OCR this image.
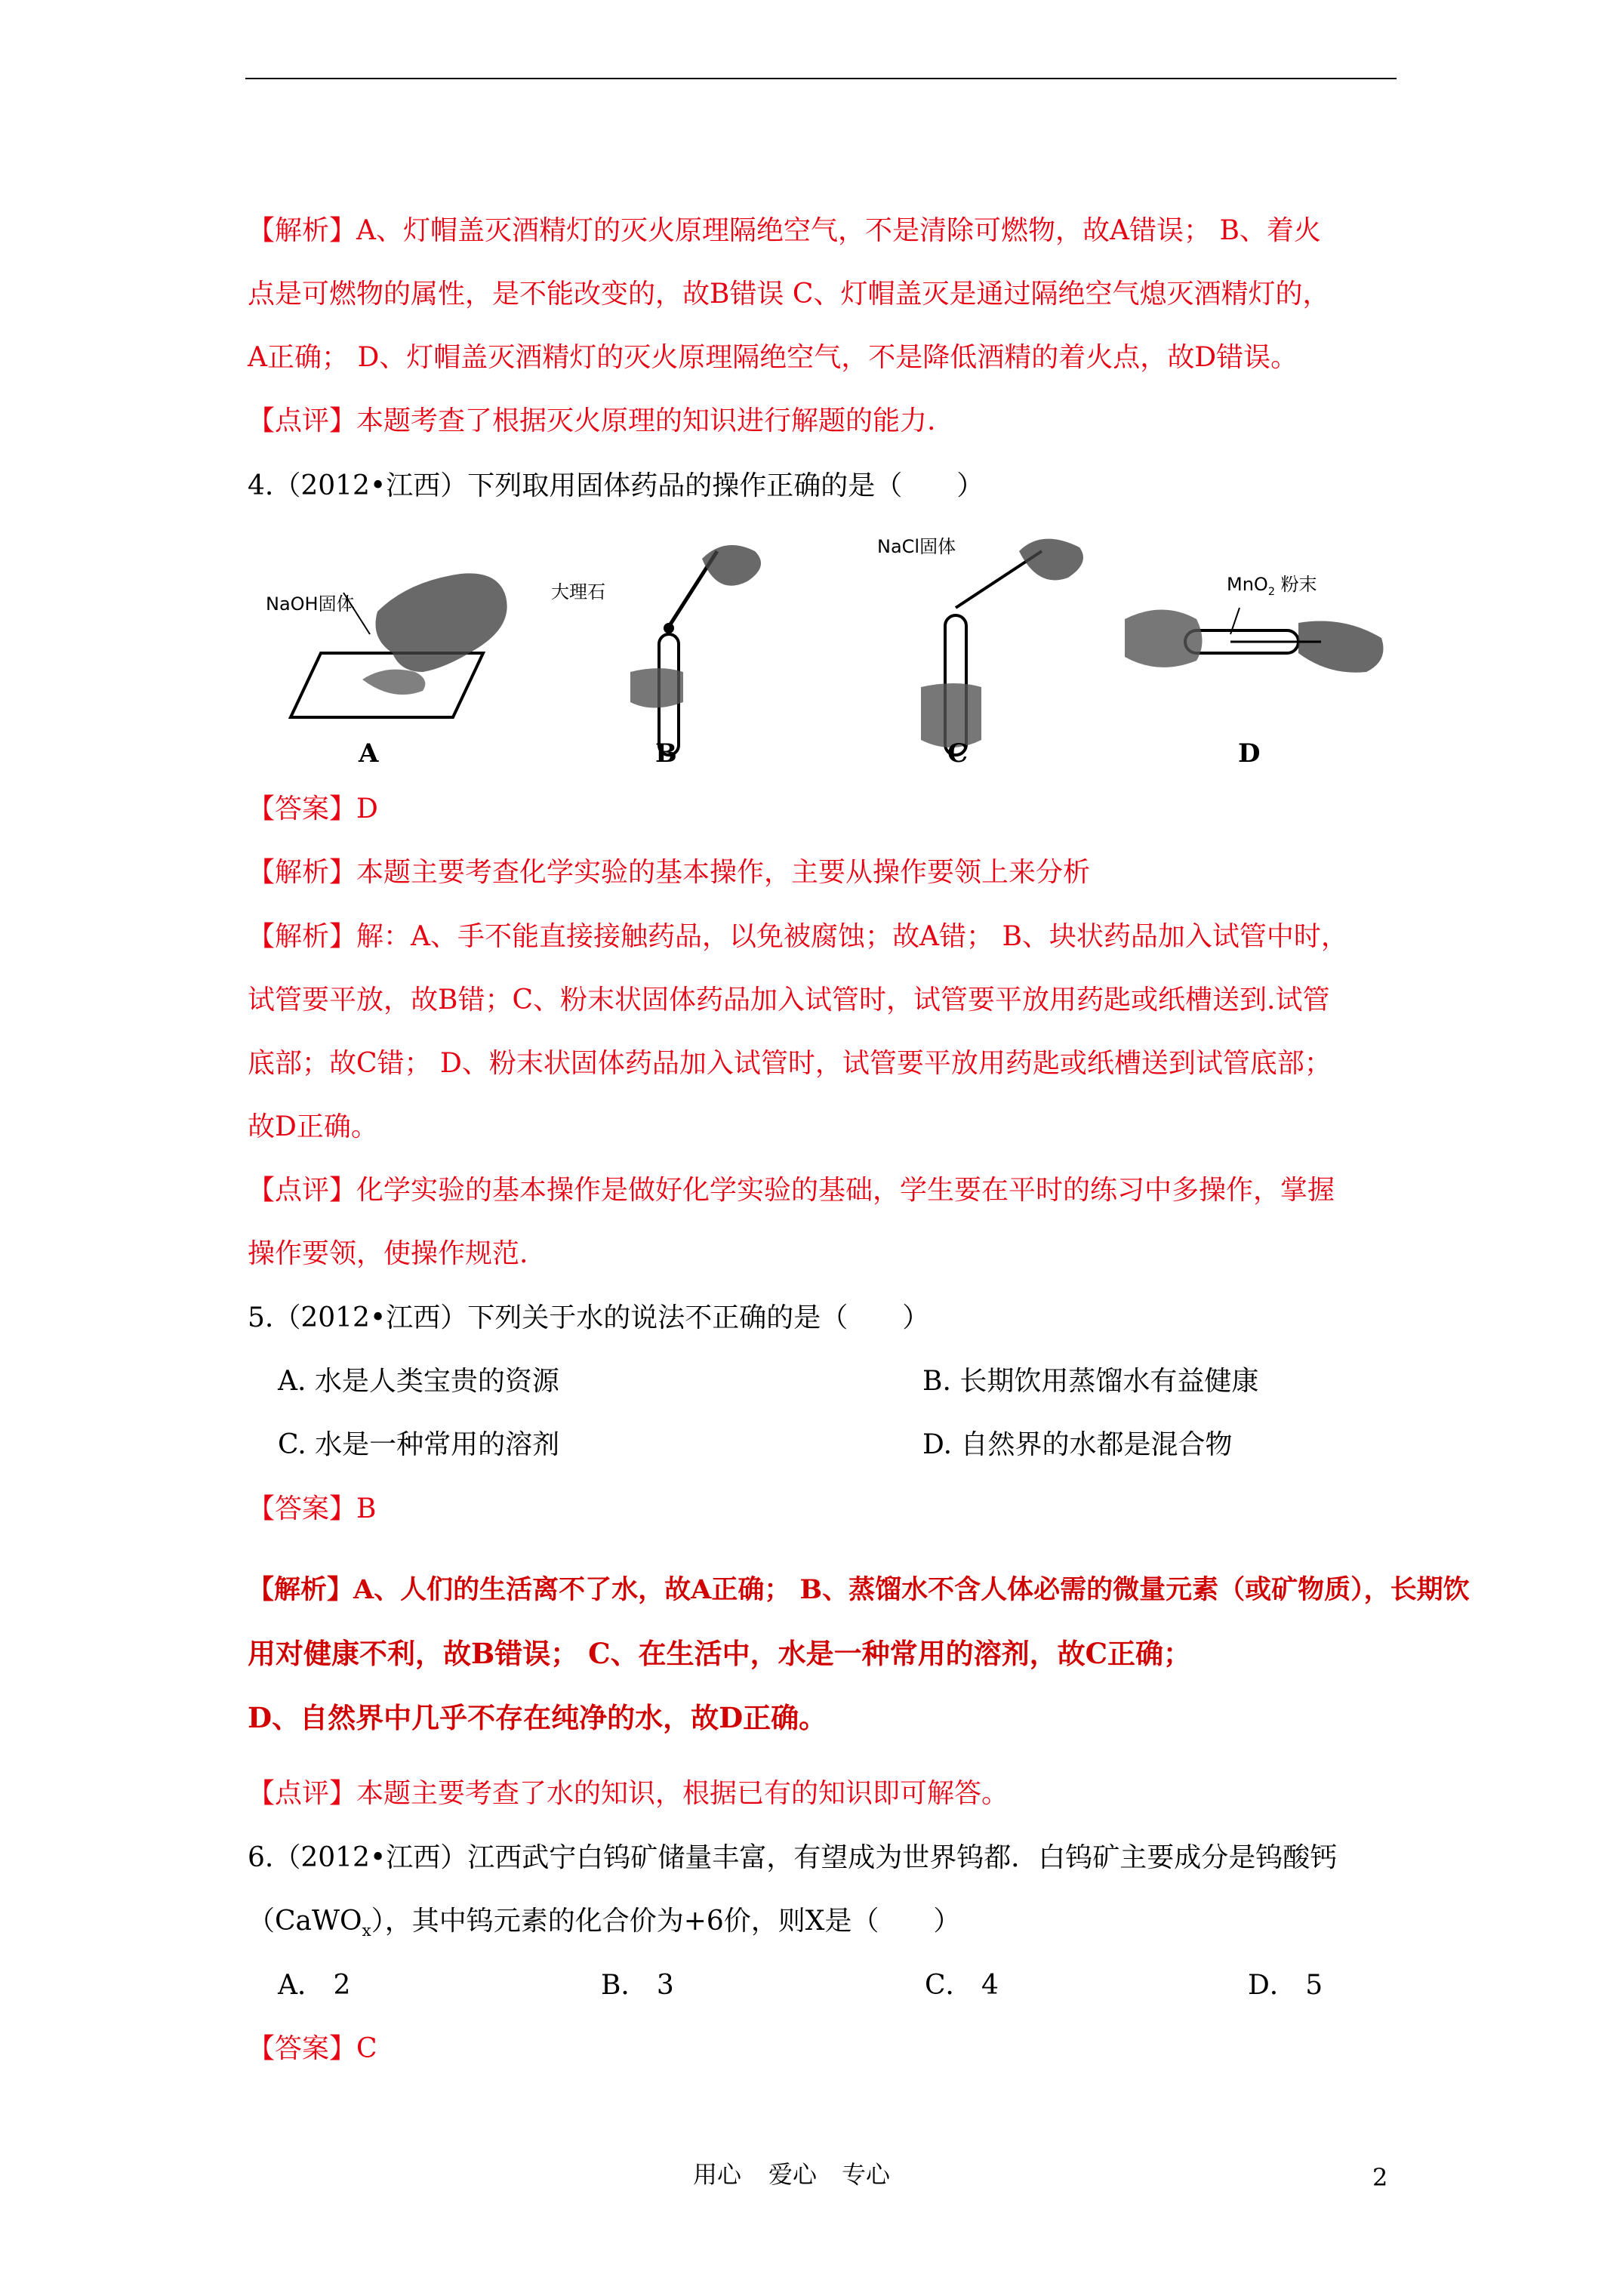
【解析】A、灯帽盖灭酒精灯的灭火原理隔绝空气，不是清除可燃物，故A错误； B、着火
点是可燃物的属性，是不能改变的，故B错误 C、灯帽盖灭是通过隔绝空气熄灭酒精灯的，
A正确； D、灯帽盖灭酒精灯的灭火原理隔绝空气，不是降低酒精的着火点，故D错误。
【点评】本题考查了根据灭火原理的知识进行解题的能力.
4.（2012•江西）下列取用固体药品的操作正确的是（　　）
NaOH固体
大理石
NaCl固体
MnO$_2$ 粉末
A	B	C	D
【答案】D
【解析】本题主要考查化学实验的基本操作，主要从操作要领上来分析
【解析】解：A、手不能直接接触药品，以免被腐蚀；故A错； B、块状药品加入试管中时，
试管要平放，故B错；C、粉末状固体药品加入试管时，试管要平放用药匙或纸槽送到.试管
底部；故C错； D、粉末状固体药品加入试管时，试管要平放用药匙或纸槽送到试管底部；
故D正确。
【点评】化学实验的基本操作是做好化学实验的基础，学生要在平时的练习中多操作，掌握
操作要领，使操作规范.
5.（2012•江西）下列关于水的说法不正确的是（　　）
A. 水是人类宝贵的资源	B. 长期饮用蒸馏水有益健康
C. 水是一种常用的溶剂	D. 自然界的水都是混合物
【答案】B
【解析】A、人们的生活离不了水，故A正确； B、蒸馏水不含人体必需的微量元素（或矿物质），长期饮
用对健康不利，故B错误； C、在生活中，水是一种常用的溶剂，故C正确；
D、自然界中几乎不存在纯净的水，故D正确。
【点评】本题主要考查了水的知识，根据已有的知识即可解答。
6.（2012•江西）江西武宁白钨矿储量丰富，有望成为世界钨都．白钨矿主要成分是钨酸钙
（CaWO$_x$），其中钨元素的化合价为+6价，则X是（　　）
A． 2	B． 3	C． 4	D． 5
【答案】C
用心 爱心 专心	2
